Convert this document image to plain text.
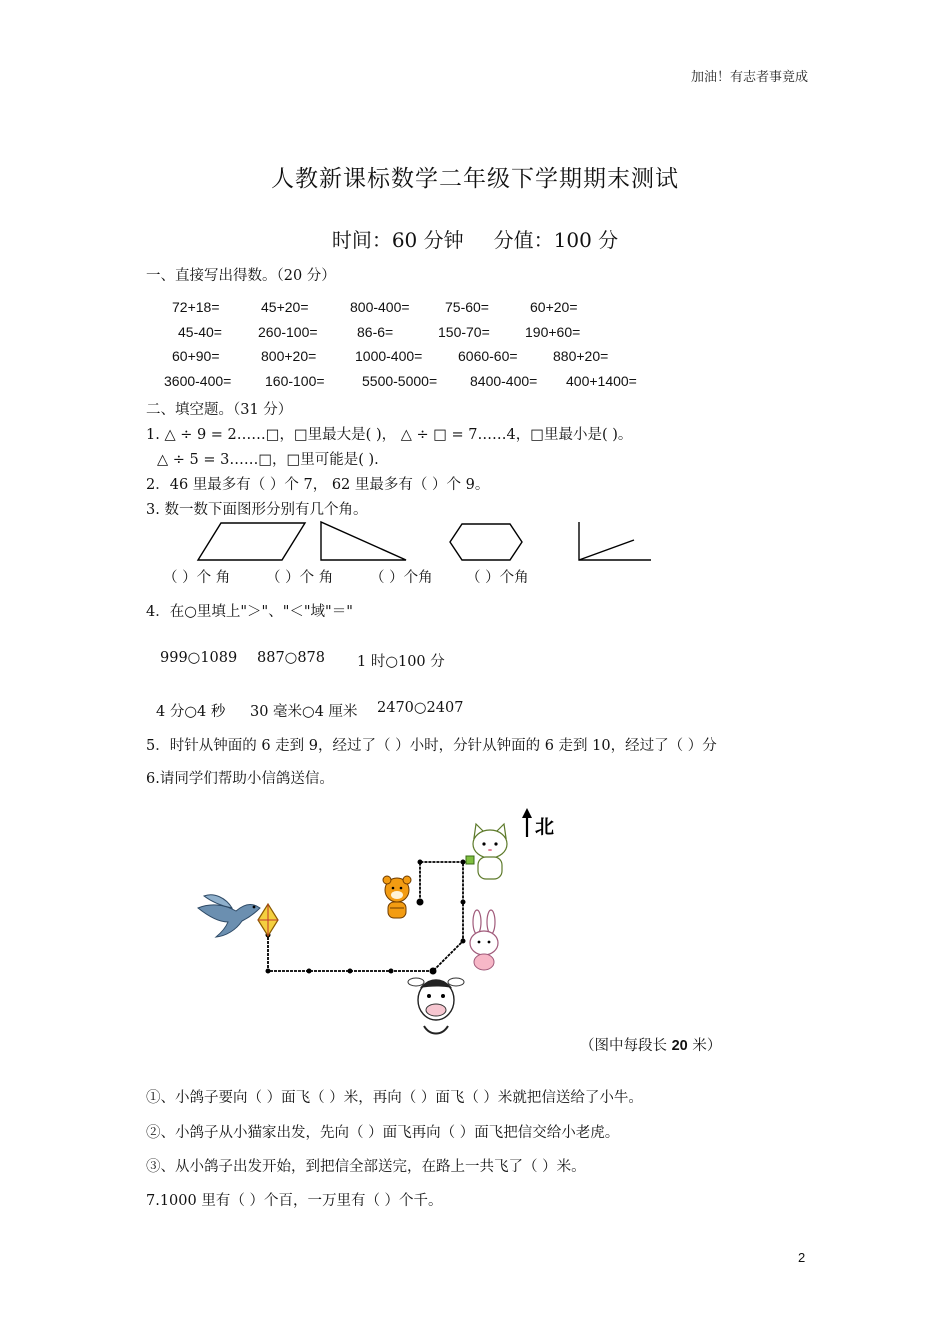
加油！有志者事竟成
人教新课标数学二年级下学期期末测试
时间：60 分钟 分值：100 分
一、直接写出得数。（20 分）
72+18=	45+20=	800-400=	75-60=	60+20=
45-40=	260-100=	86-6=	150-70=	190+60=
60+90=	800+20=	1000-400=	6060-60=	880+20=
3600-400= 160-100=	5500-5000= 8400-400= 400+1400=
二、填空题。（31 分）
1. △ ÷ 9 = 2……□，□里最大是( )， △ ÷ □ = 7……4，□里最小是( )。
△ ÷ 5 = 3……□，□里可能是( ).
2．46 里最多有（ ）个 7， 62 里最多有（ ）个 9。
3. 数一数下面图形分别有几个角。
（ ）个 角 （ ）个 角	（ ）个角 （ ）个角
4．在○里填上"＞"、"＜"域"＝"
999○1089 887○878 1 时○100 分
4 分○4 秒 30 毫米○4 厘米 2470○2407
5．时针从钟面的 6 走到 9，经过了（ ）小时，分针从钟面的 6 走到 10，经过了（ ）分
6.请同学们帮助小信鸽送信。
北
（图中每段长 20 米）
①、小鸽子要向（ ）面飞（ ）米，再向（ ）面飞（ ）米就把信送给了小牛。
②、小鸽子从小猫家出发，先向（ ）面飞再向（ ）面飞把信交给小老虎。
③、从小鸽子出发开始，到把信全部送完，在路上一共飞了（ ）米。
7.1000 里有（ ）个百，一万里有（ ）个千。
2
